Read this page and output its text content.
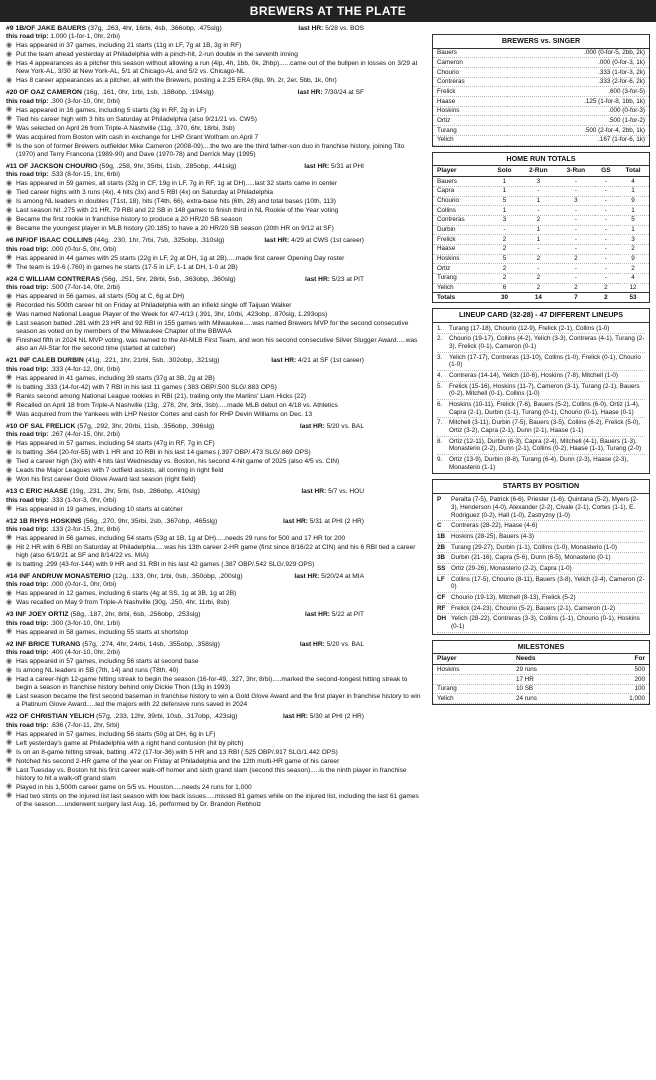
BREWERS AT THE PLATE
#9 1B/OF JAKE BAUERS (37g, .263, 4hr, 16rbi, 4sb, .366obp, .475slg)	last HR: 5/28 vs. BOS
this road trip: 1.000 (1-for-1, 0hr, 2rbi)
◉ Has appeared in 37 games, including 21 starts (11g in LF, 7g at 1B, 3g in RF)
◉ Put the team ahead yesterday at Philadelphia with a pinch-hit, 2-run double in the seventh inning
◉ Has 4 appearances as a pitcher this season without allowing a run (4ip, 4h, 1bb, 0k, 2hbp)......came out of the bullpen in losses on 3/29 at New York-AL, 3/30 at New York-AL, 5/1 at Chicago-AL and 5/2 vs. Chicago-NL
◉ Has 8 career appearances as a pitcher, all with the Brewers, posting a 2.25 ERA (8ip, 9h, 2r, 2er, 5bb, 1k, 0hr)
#20 OF OAZ CAMERON (16g, .161, 0hr, 1rbi, 1sb, .188obp, .194slg)	last HR: 7/30/24 at SF
this road trip: .300 (3-for-10, 0hr, 0rbi)
◉ Has appeared in 16 games, including 5 starts (3g in RF, 2g in LF)
◉ Tied his career high with 3 hits on Saturday at Philadelphia (also 9/21/21 vs. CWS)
◉ Was selected on April 26 from Triple-A Nashville (11g, .370, 6hr, 18rbi, 3sb)
◉ Was acquired from Boston with cash in exchange for LHP Grant Wolfram on April 7
◉ Is the son of former Brewers outfielder Mike Cameron (2008-09)....the two are the third father-son duo in franchise history, joining Tito (1970) and Terry Francona (1989-90) and Dave (1970-78) and Derrick May (1995)
#11 OF JACKSON CHOURIO (59g, .258, 9hr, 35rbi, 11sb, .285obp, .441slg)	last HR: 5/31 at PHI
this road trip: .533 (8-for-15, 1hr, 6rbi)
◉ Has appeared in 59 games, all starts (32g in CF, 19g in LF, 7g in RF, 1g at DH).....last 32 starts came in center
◉ Tied career highs with 3 runs (4x), 4 hits (3x) and 5 RBI (4x) on Saturday at Philadelphia
◉ Is among NL leaders in doubles (T1st, 18), hits (T4th, 66), extra-base hits (6th, 28) and total bases (10th, 113)
◉ Last season hit .275 with 21 HR, 79 RBI and 22 SB in 148 games to finish third in NL Rookie of the Year voting
◉ Became the first rookie in franchise history to produce a 20 HR/20 SB season
◉ Became the youngest player in MLB history (20.185) to have a 20 HR/20 SB season (20th HR on 9/12 at SF)
#6 INF/OF ISAAC COLLINS (44g, .230, 1hr, 7rbi, 7sb, .325obp, .310slg)	last HR: 4/29 at CWS (1st career)
this road trip: .000 (0-for-5, 0hr, 0rbi)
◉ Has appeared in 44 games with 25 starts (22g in LF, 2g at DH, 1g at 2B).....made first career Opening Day roster
◉ The team is 19-6 (.760) in games he starts (17-5 in LF, 1-1 at DH, 1-0 at 2B)
#24 C WILLIAM CONTRERAS (56g, .251, 5hr, 28rbi, 5sb, .363obp, .360slg)	last HR: 5/23 at PIT
this road trip: .500 (7-for-14, 0hr, 2rbi)
◉ Has appeared in 56 games, all starts (50g at C, 6g at DH)
◉ Recorded his 500th career hit on Friday at Philadelphia with an infield single off Taijuan Walker
◉ Was named National League Player of the Week for 4/7-4/13 (.391, 3hr, 10rbi, .423obp, .870slg, 1.293ops)
◉ Last season batted .281 with 23 HR and 92 RBI in 155 games with Milwaukee.....was named Brewers MVP for the second consecutive season as voted on by members of the Milwaukee Chapter of the BBWAA
◉ Finished fifth in 2024 NL MVP voting, was named to the All-MLB First Team, and won his second consecutive Silver Slugger Award.....was also an All-Star for the second time (started at catcher)
#21 INF CALEB DURBIN (41g, .221, 1hr, 21rbi, 5sb, .302obp, .321slg)	last HR: 4/21 at SF (1st career)
this road trip: .333 (4-for-12, 0hr, 0rbi)
◉ Has appeared in 41 games, including 39 starts (37g at 3B, 2g at 2B)
◉ Is batting .333 (14-for-42) with 7 RBI in his last 11 games (.383 OBP/.500 SLG/.883 OPS)
◉ Ranks second among National League rookies in RBI (21), trailing only the Marlins' Liam Hicks (22)
◉ Recalled on April 18 from Triple-A Nashville (13g, .278, 2hr, 3rbi, 3sb).....made MLB debut on 4/18 vs. Athletics
◉ Was acquired from the Yankees with LHP Nestor Cortes and cash for RHP Devin Williams on Dec. 13
#10 OF SAL FRELICK (57g, .292, 3hr, 20rbi, 11sb, .356obp, .396slg)	last HR: 5/20 vs. BAL
this road trip: .267 (4-for-15, 0hr, 2rbi)
◉ Has appeared in 57 games, including 54 starts (47g in RF, 7g in CF)
◉ Is batting .364 (20-for-55) with 1 HR and 10 RBI in his last 14 games (.397 OBP/.473 SLG/.869 OPS)
◉ Tied a career high (3x) with 4 hits last Wednesday vs. Boston, his second 4-hit game of 2025 (also 4/5 vs. CIN)
◉ Leads the Major Leagues with 7 outfield assists, all coming in right field
◉ Won his first career Gold Glove Award last season (right field)
#13 C ERIC HAASE (19g, .231, 2hr, 5rbi, 0sb, .286obp, .410slg)	last HR: 5/7 vs. HOU
this road trip: .333 (1-for-3, 0hr, 0rbi)
◉ Has appeared in 19 games, including 10 starts at catcher
#12 1B RHYS HOSKINS (56g, .270, 9hr, 35rbi, 2sb, .367obp, .465slg)	last HR: 5/31 at PHI (2 HR)
this road trip: .133 (2-for-15, 2hr, 8rbi)
◉ Has appeared in 56 games, including 54 starts (53g at 1B, 1g at DH).....needs 29 runs for 500 and 17 HR for 200
◉ Hit 2 HR with 6 RBI on Saturday at Philadelphia.....was his 13th career 2-HR game (first since 8/16/22 at CIN) and his 6 RBI tied a career high (also 6/19/21 at SF and 8/14/22 vs. MIA)
◉ Is batting .299 (43-for-144) with 9 HR and 31 RBI in his last 42 games (.387 OBP/.542 SLG/.929 OPS)
#14 INF ANDRUW MONASTERIO (12g, .133, 0hr, 1rbi, 0sb, .350obp, .200slg)	last HR: 5/20/24 at MIA
this road trip: .000 (0-for-1, 0hr, 0rbi)
◉ Has appeared in 12 games, including 6 starts (4g at SS, 1g at 3B, 1g at 2B)
◉ Was recalled on May 9 from Triple-A Nashville (30g, .250, 4hr, 11rbi, 8sb)
#3 INF JOEY ORTIZ (58g, .187, 2hr, 8rbi, 6sb, .256obp, .253slg)	last HR: 5/22 at PIT
this road trip: .300 (3-for-10, 0hr, 1rbi)
◉ Has appeared in 58 games, including 55 starts at shortstop
#2 INF BRICE TURANG (57g, .274, 4hr, 24rbi, 14sb, .355obp, .358slg)	last HR: 5/20 vs. BAL
this road trip: .400 (4-for-10, 0hr, 2rbi)
◉ Has appeared in 57 games, including 56 starts at second base
◉ Is among NL leaders in SB (7th, 14) and runs (T8th, 40)
◉ Had a career-high 12-game hitting streak to begin the season (16-for-49, .327, 3hr, 8rbi).....marked the second-longest hitting streak to begin a season in franchise history behind only Dickie Thon (13g in 1993)
◉ Last season became the first second baseman in franchise history to win a Gold Glove Award and the first player in franchise history to win a Platinum Glove Award.....led the majors with 22 defensive runs saved in 2024
#22 OF CHRISTIAN YELICH (57g, .233, 12hr, 39rbi, 10sb, .317obp, .423slg)	last HR: 5/30 at PHI (2 HR)
this road trip: .636 (7-for-11, 2hr, 5rbi)
◉ Has appeared in 57 games, including 56 starts (50g at DH, 6g in LF)
◉ Left yesterday's game at Philadelphia with a right hand contusion (hit by pitch)
◉ Is on an 8-game hitting streak, batting .472 (17-for-36) with 5 HR and 13 RBI (.525 OBP/.917 SLG/1.442 OPS)
◉ Notched his second 2-HR game of the year on Friday at Philadelphia and the 12th multi-HR game of his career
◉ Last Tuesday vs. Boston hit his first career walk-off homer and sixth grand slam (second this season).....is the ninth player in franchise history to hit a walk-off grand slam
◉ Played in his 1,500th career game on 5/5 vs. Houston.....needs 24 runs for 1,000
◉ Had two stints on the injured list last season with low back issues.....missed 81 games while on the injured list, including the last 61 games of the season.....underwent surgery last Aug. 16, performed by Dr. Brandon Rebholz
BREWERS vs. SINGER
Bauers	.000 (0-for-5, 2bb, 2k)
Cameron	.000 (0-for-3, 1k)
Chourio	.333 (1-for-3, 2k)
Contreras	.333 (2-for-6, 2k)
Frelick	.600 (3-for-5)
Haase	.125 (1-for-8, 1bb, 1k)
Hoskins	.000 (0-for-3)
Ortiz	.500 (1-for-2)
Turang	.500 (2-for-4, 2bb, 1k)
Yelich	.167 (1-for-6, 1k)
HOME RUN TOTALS
Player	Solo	2-Run	3-Run	GS	Total
Bauers	1	3	-	-	4
Capra	1	-	-	-	1
Chourio	5	1	3	-	9
Collins	1	-	-	-	1
Contreras	3	2	-	-	5
Durbin	-	1	-	-	1
Frelick	2	1	-	-	3
Haase	2	-	-	-	2
Hoskins	5	2	2	-	9
Ortiz	2	-	-	-	2
Turang	2	2	-	-	4
Yelich	6	2	2	2	12
Totals	30	14	7	2	53
LINEUP CARD (32-28) - 47 DIFFERENT LINEUPS
1.	Turang (17-18), Chourio (12-9), Frelick (2-1), Collins (1-0)
2.	Chourio (19-17), Collins (4-2), Yelich (3-3), Contreras (4-1), Turang (2-3), Frelick (0-1), Cameron (0-1)
3.	Yelich (17-17), Contreras (13-10), Collins (1-0), Frelick (0-1), Chourio (1-0)
4.	Contreras (14-14), Yelich (10-6), Hoskins (7-8), Mitchell (1-0)
5.	Frelick (15-16), Hoskins (11-7), Cameron (3-1), Turang (2-1), Bauers (0-2), Mitchell (0-1), Collins (1-0)
6.	Hoskins (10-11), Frelick (7-6), Bauers (5-2), Collins (6-0), Ortiz (1-4), Capra (2-1), Durbin (1-1), Turang (0-1), Chourio (0-1), Haase (0-1)
7.	Mitchell (3-11), Durbin (7-5), Bauers (3-5), Collins (6-2), Frelick (5-0), Ortiz (3-2), Capra (2-1), Dunn (2-1), Haase (1-1)
8.	Ortiz (12-11), Durbin (6-3), Capra (2-4), Mitchell (4-1), Bauers (1-3), Monasterio (2-2), Dunn (2-1), Collins (0-2), Haase (1-1), Turang (2-0)
9.	Ortiz (13-9), Durbin (8-8), Turang (6-4), Dunn (2-3), Haase (2-3), Monasterio (1-1)
STARTS BY POSITION
P	Peralta (7-5), Patrick (6-6), Priester (1-6), Quintana (5-2), Myers (2-3), Henderson (4-0), Alexander (2-2), Civale (2-1), Cortes (1-1), E. Rodriguez (0-2), Hall (1-0), Zastryzny (1-0)
C	Contreras (28-22), Haase (4-6)
1B Hoskins (28-25), Bauers (4-3)
2B Turang (29-27), Durbin (1-1), Collins (1-0), Monasterio (1-0)
3B Durbin (21-16), Capra (5-6), Dunn (6-5), Monasterio (0-1)
SS Ortiz (29-26), Monasterio (2-2), Capra (1-0)
LF Collins (17-5), Chourio (8-11), Bauers (3-8), Yelich (2-4), Cameron (2-0)
CF Chourio (19-13), Mitchell (8-13), Frelick (5-2)
RF Frelick (24-23), Chourio (5-2), Bauers (2-1), Cameron (1-2)
DH Yelich (28-22), Contreras (3-3), Collins (1-1), Chourio (0-1), Hoskins (0-1)
MILESTONES
Player	Needs	For
Hoskins	29 runs	500
	17 HR	200
Turang	10 SB	100
Yelich	24 runs	1,000
